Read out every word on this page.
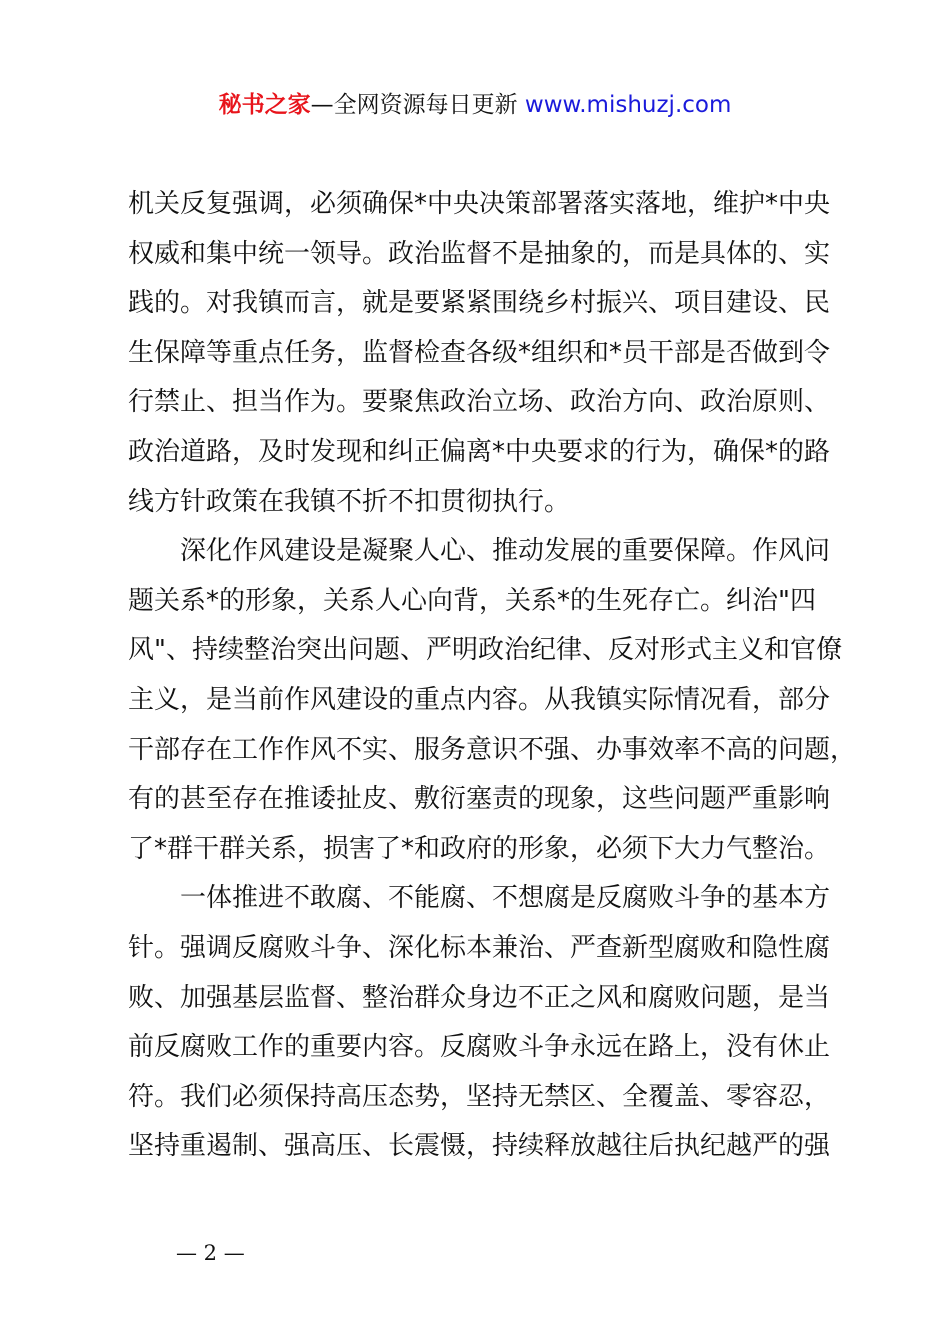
秘书之家—全网资源每日更新 www.mishuzj.com
机关反复强调，必须确保*中央决策部署落实落地，维护*中央
权威和集中统一领导。政治监督不是抽象的，而是具体的、实
践的。对我镇而言，就是要紧紧围绕乡村振兴、项目建设、民
生保障等重点任务，监督检查各级*组织和*员干部是否做到令
行禁止、担当作为。要聚焦政治立场、政治方向、政治原则、
政治道路，及时发现和纠正偏离*中央要求的行为，确保*的路
线方针政策在我镇不折不扣贯彻执行。
深化作风建设是凝聚人心、推动发展的重要保障。作风问
题关系*的形象，关系人心向背，关系*的生死存亡。纠治"四
风"、持续整治突出问题、严明政治纪律、反对形式主义和官僚
主义，是当前作风建设的重点内容。从我镇实际情况看，部分
干部存在工作作风不实、服务意识不强、办事效率不高的问题，
有的甚至存在推诿扯皮、敷衍塞责的现象，这些问题严重影响
了*群干群关系，损害了*和政府的形象，必须下大力气整治。
一体推进不敢腐、不能腐、不想腐是反腐败斗争的基本方
针。强调反腐败斗争、深化标本兼治、严查新型腐败和隐性腐
败、加强基层监督、整治群众身边不正之风和腐败问题，是当
前反腐败工作的重要内容。反腐败斗争永远在路上，没有休止
符。我们必须保持高压态势，坚持无禁区、全覆盖、零容忍，
坚持重遏制、强高压、长震慑，持续释放越往后执纪越严的强
— 2 —
